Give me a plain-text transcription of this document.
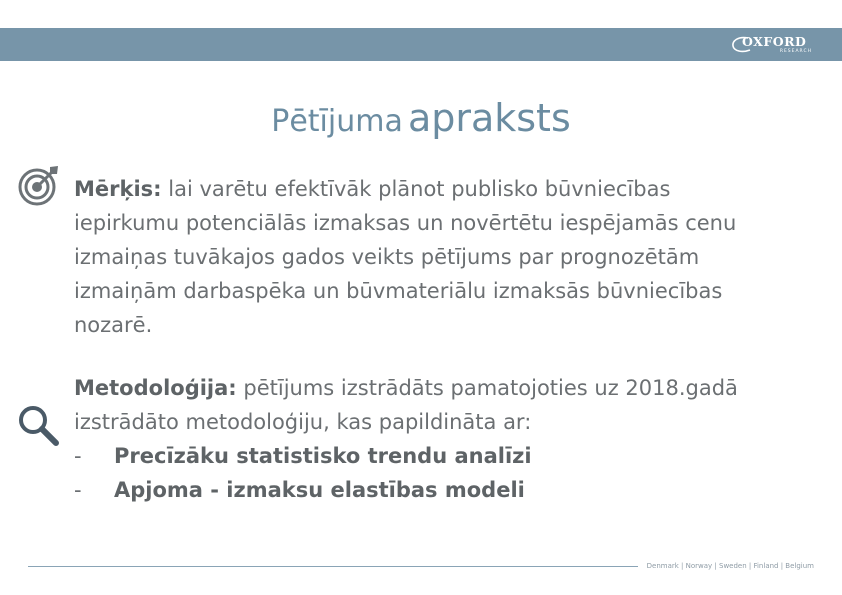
OXFORD
RESEARCH
Pētījuma apraksts
Mērķis: lai varētu efektīvāk plānot publisko būvniecības iepirkumu potenciālās izmaksas un novērtētu iespējamās cenu izmaiņas tuvākajos gados veikts pētījums par prognozētām izmaiņām darbaspēka un būvmateriālu izmaksās būvniecības nozarē.
Metodoloģija: pētījums izstrādāts pamatojoties uz 2018.gadā izstrādāto metodoloģiju, kas papildināta ar:
- Precīzāku statistisko trendu analīzi
- Apjoma - izmaksu elastības modeli
Denmark | Norway | Sweden | Finland | Belgium
